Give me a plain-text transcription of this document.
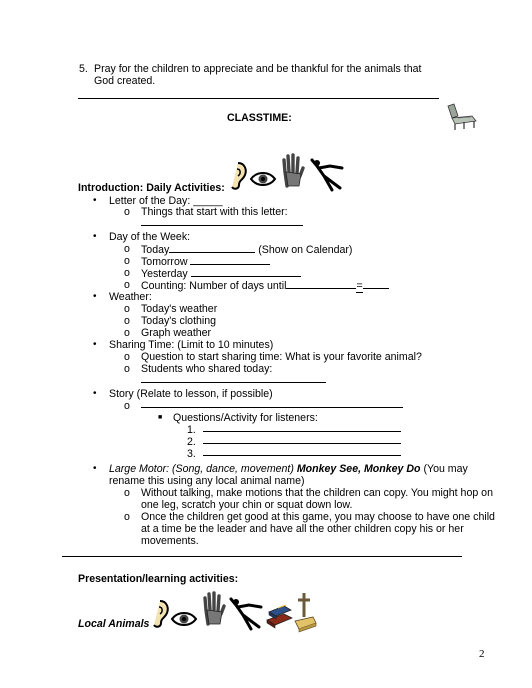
5. Pray for the children to appreciate and be thankful for the animals that
God created.
CLASSTIME:
Introduction: Daily Activities:
• Letter of the Day: _____
o Things that start with this letter:
• Day of the Week:
o Today	(Show on Calendar)
o Tomorrow
o Yesterday
o Counting: Number of days until	=
• Weather:
o Today's weather
o Today's clothing
o Graph weather
• Sharing Time: (Limit to 10 minutes)
o Question to start sharing time: What is your favorite animal?
o Students who shared today:
• Story (Relate to lesson, if possible)
o
■ Questions/Activity for listeners:
1.
2.
3.
• Large Motor: (Song, dance, movement) Monkey See, Monkey Do (You may
rename this using any local animal name)
o Without talking, make motions that the children can copy. You might hop on
one leg, scratch your chin or squat down low.
o Once the children get good at this game, you may choose to have one child
at a time be the leader and have all the other children copy his or her
movements.
Presentation/learning activities:
Local Animals
2
